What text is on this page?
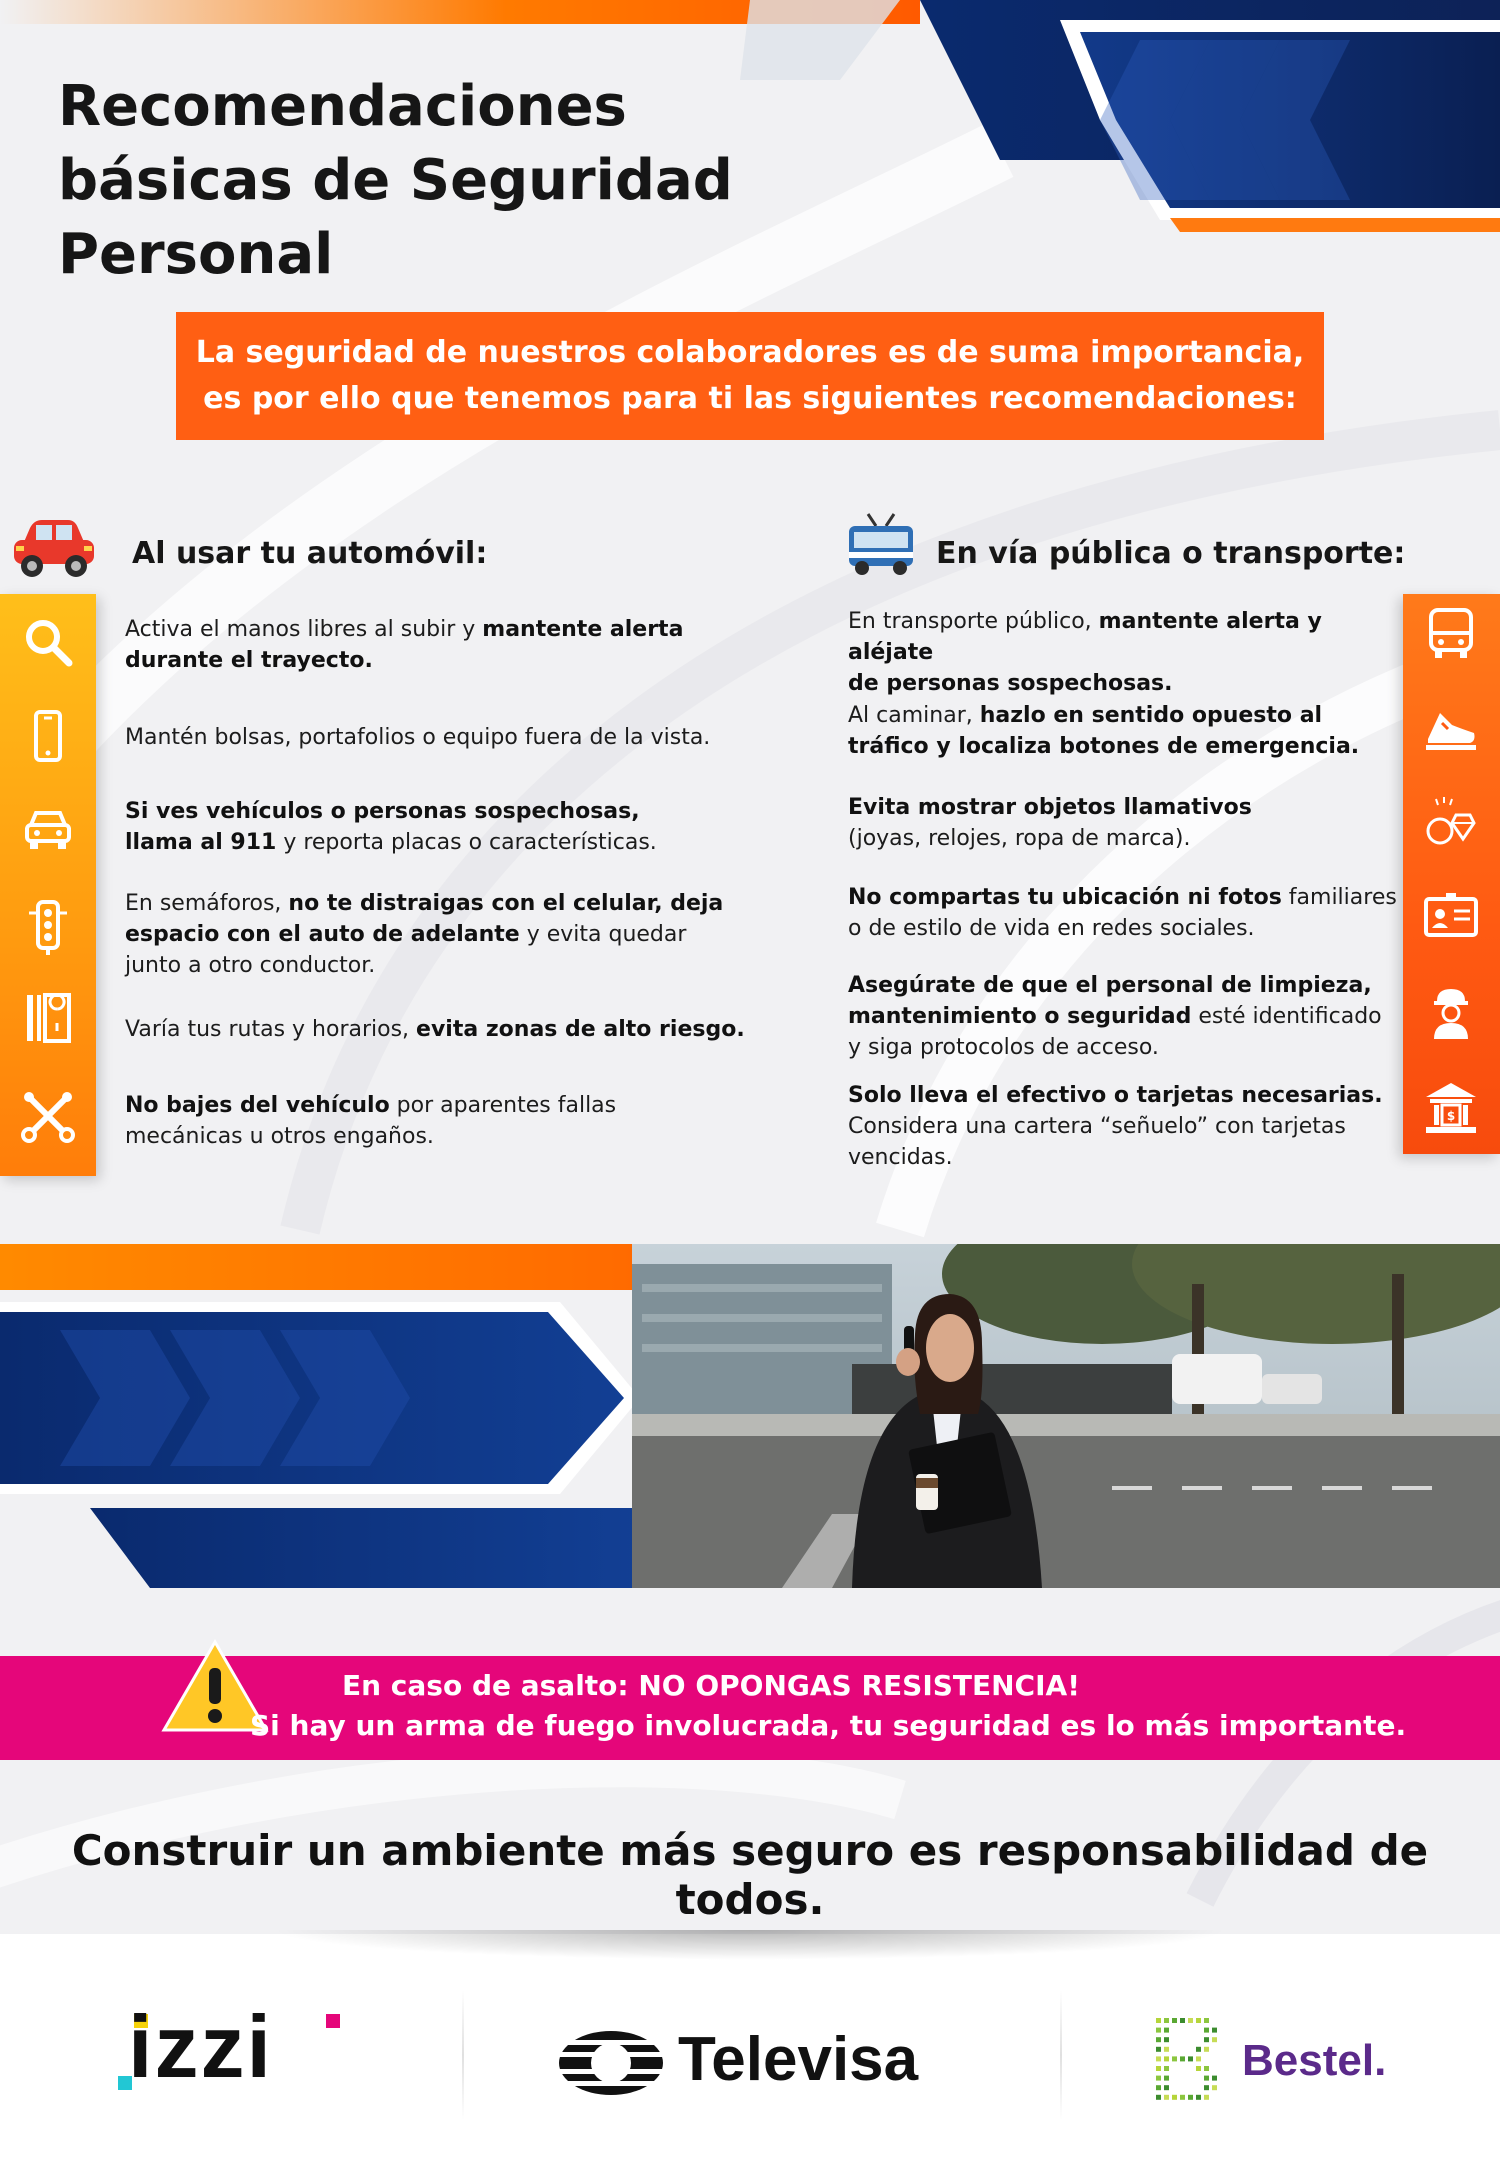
Recomendaciones
básicas de Seguridad Personal
La seguridad de nuestros colaboradores es de suma importancia,
es por ello que tenemos para ti las siguientes recomendaciones:
Al usar tu automóvil:

Activa el manos libres al subir y mantente alerta
durante el trayecto.

Mantén bolsas, portafolios o equipo fuera de la vista.

Si ves vehículos o personas sospechosas,
llama al 911 y reporta placas o características.

En semáforos, no te distraigas con el celular, deja
espacio con el auto de adelante y evita quedar
junto a otro conductor.

Varía tus rutas y horarios, evita zonas de alto riesgo.

No bajes del vehículo por aparentes fallas
mecánicas u otros engaños.

En vía pública o transporte:
$

En transporte público, mantente alerta y aléjate
de personas sospechosas.

Al caminar, hazlo en sentido opuesto al
tráfico y localiza botones de emergencia.

Evita mostrar objetos llamativos
(joyas, relojes, ropa de marca).

No compartas tu ubicación ni fotos familiares
o de estilo de vida en redes sociales.

Asegúrate de que el personal de limpieza,
mantenimiento o seguridad esté identificado
y siga protocolos de acceso.

Solo lleva el efectivo o tarjetas necesarias.
Considera una cartera “señuelo” con tarjetas
vencidas.

En caso de asalto: NO OPONGAS RESISTENCIA!
Si hay un arma de fuego involucrada, tu seguridad es lo más importante.

Construir un ambiente más seguro es responsabilidad de todos.

izzi	Televisa	Bestel.
